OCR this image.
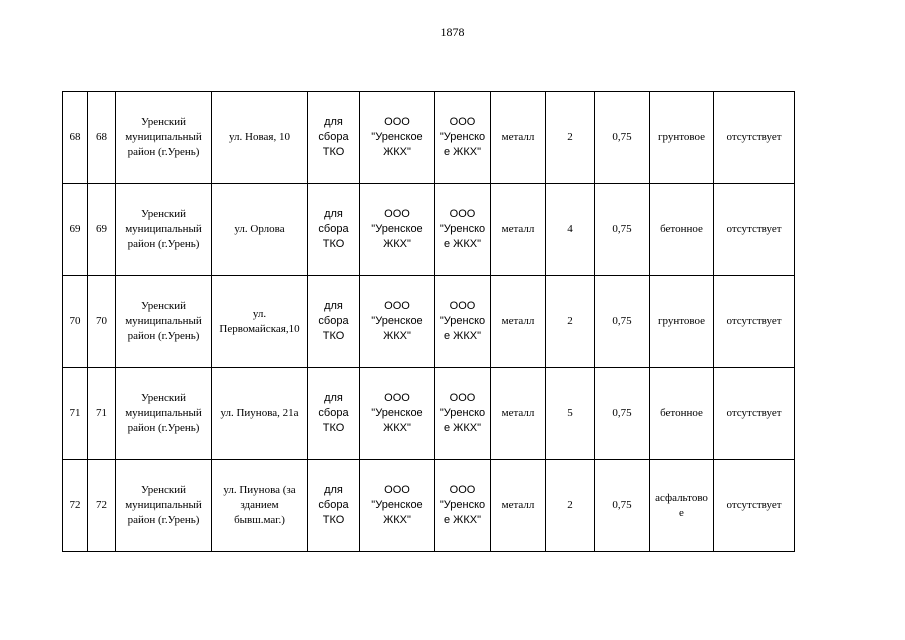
1878
68	68	Уренский
муниципальный
район (г.Урень)	ул. Новая, 10	для
сбора
ТКО	ООО
"Уренское
ЖКХ"	ООО
"Уренско
е ЖКХ"	металл	2	0,75	грунтовое	отсутствует
69	69	Уренский
муниципальный
район (г.Урень)	ул. Орлова	для
сбора
ТКО	ООО
"Уренское
ЖКХ"	ООО
"Уренско
е ЖКХ"	металл	4	0,75	бетонное	отсутствует
70	70	Уренский
муниципальный
район (г.Урень)	ул.
Первомайская,10	для
сбора
ТКО	ООО
"Уренское
ЖКХ"	ООО
"Уренско
е ЖКХ"	металл	2	0,75	грунтовое	отсутствует
71	71	Уренский
муниципальный
район (г.Урень)	ул. Пиунова, 21а	для
сбора
ТКО	ООО
"Уренское
ЖКХ"	ООО
"Уренско
е ЖКХ"	металл	5	0,75	бетонное	отсутствует
72	72	Уренский
муниципальный
район (г.Урень)	ул. Пиунова (за
зданием
бывш.маг.)	для
сбора
ТКО	ООО
"Уренское
ЖКХ"	ООО
"Уренско
е ЖКХ"	металл	2	0,75	асфальтово
е	отсутствует
